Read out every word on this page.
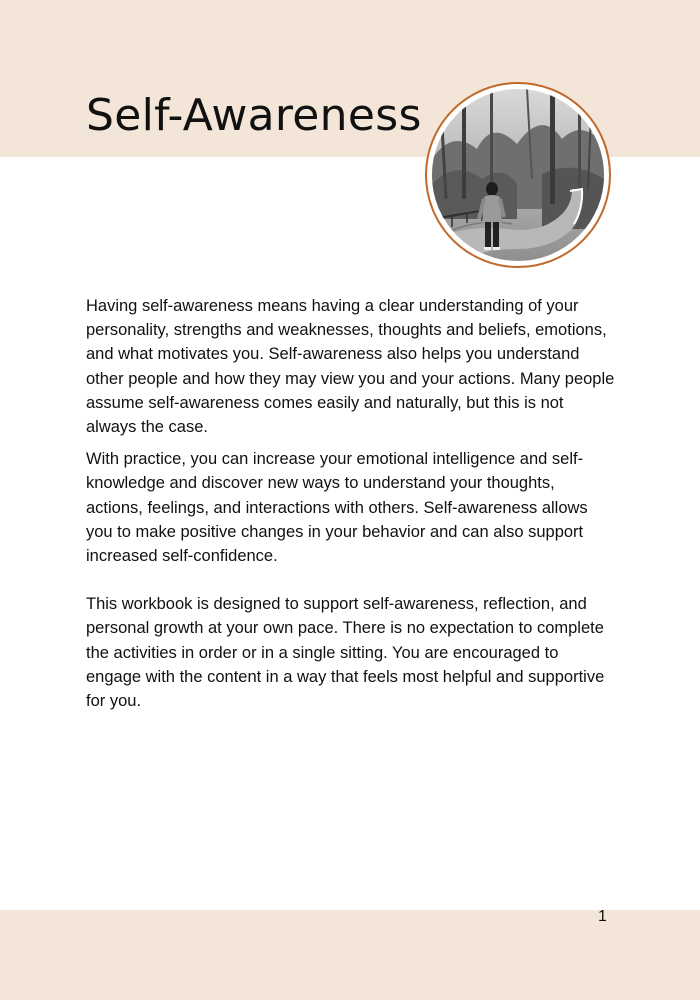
Self-Awareness

Having self-awareness means having a clear understanding of your personality, strengths and weaknesses, thoughts and beliefs, emotions, and what motivates you. Self-awareness also helps you understand other people and how they may view you and your actions. Many people assume self-awareness comes easily and naturally, but this is not always the case.

With practice, you can increase your emotional intelligence and self-knowledge and discover new ways to understand your thoughts, actions, feelings, and interactions with others. Self-awareness allows you to make positive changes in your behavior and can also support increased self-confidence.

This workbook is designed to support self-awareness, reflection, and personal growth at your own pace. There is no expectation to complete the activities in order or in a single sitting. You are encouraged to engage with the content in a way that feels most helpful and supportive for you.

1
